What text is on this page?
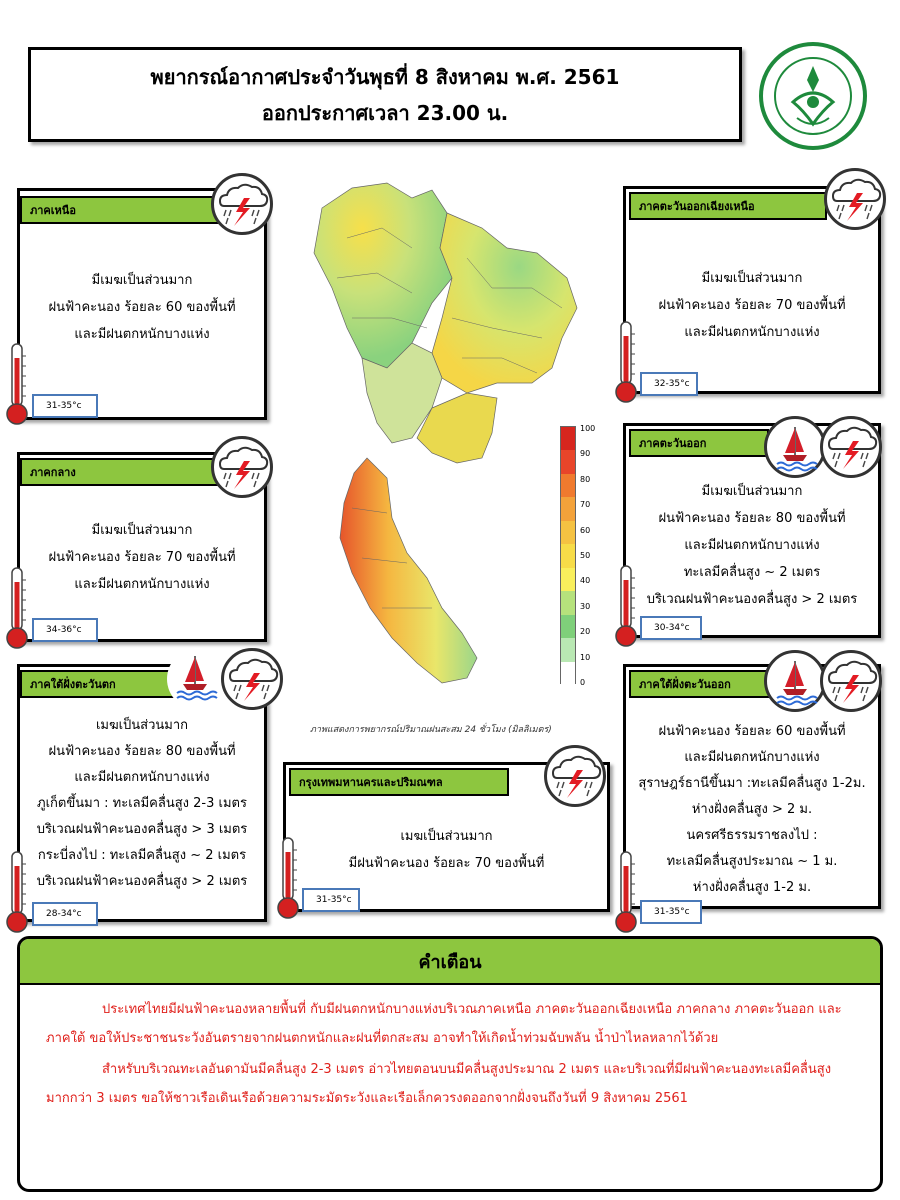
พยากรณ์อากาศประจำวันพุธที่ 8 สิงหาคม พ.ศ. 2561
ออกประกาศเวลา 23.00 น.
ภาพแสดงการพยากรณ์ปริมาณฝนสะสม 24 ชั่วโมง (มิลลิเมตร)
100
90
80
70
60
50
40
30
20
10
0
ภาคเหนือ
มีเมฆเป็นส่วนมาก
ฝนฟ้าคะนอง ร้อยละ 60 ของพื้นที่
และมีฝนตกหนักบางแห่ง
31-35°c
ภาคกลาง
มีเมฆเป็นส่วนมาก
ฝนฟ้าคะนอง ร้อยละ 70 ของพื้นที่
และมีฝนตกหนักบางแห่ง
34-36°c
ภาคใต้ฝั่งตะวันตก
เมฆเป็นส่วนมาก
ฝนฟ้าคะนอง ร้อยละ 80 ของพื้นที่
และมีฝนตกหนักบางแห่ง
ภูเก็ตขึ้นมา : ทะเลมีคลื่นสูง 2-3 เมตร
บริเวณฝนฟ้าคะนองคลื่นสูง > 3 เมตร
กระบี่ลงไป : ทะเลมีคลื่นสูง ~ 2 เมตร
บริเวณฝนฟ้าคะนองคลื่นสูง > 2 เมตร
28-34°c
ภาคตะวันออกเฉียงเหนือ
มีเมฆเป็นส่วนมาก
ฝนฟ้าคะนอง ร้อยละ 70 ของพื้นที่
และมีฝนตกหนักบางแห่ง
32-35°c
ภาคตะวันออก
มีเมฆเป็นส่วนมาก
ฝนฟ้าคะนอง ร้อยละ 80 ของพื้นที่
และมีฝนตกหนักบางแห่ง
ทะเลมีคลื่นสูง ~ 2 เมตร
บริเวณฝนฟ้าคะนองคลื่นสูง > 2 เมตร
30-34°c
ภาคใต้ฝั่งตะวันออก
ฝนฟ้าคะนอง ร้อยละ 60 ของพื้นที่
และมีฝนตกหนักบางแห่ง
สุราษฎร์ธานีขึ้นมา :ทะเลมีคลื่นสูง 1-2ม.
ห่างฝั่งคลื่นสูง > 2 ม.
นครศรีธรรมราชลงไป :
ทะเลมีคลื่นสูงประมาณ ~ 1 ม.
ห่างฝั่งคลื่นสูง 1-2 ม.
31-35°c
กรุงเทพมหานครและปริมณฑล
เมฆเป็นส่วนมาก
มีฝนฟ้าคะนอง ร้อยละ 70 ของพื้นที่
31-35°c
คำเตือน
ประเทศไทยมีฝนฟ้าคะนองหลายพื้นที่ กับมีฝนตกหนักบางแห่งบริเวณภาคเหนือ ภาคตะวันออกเฉียงเหนือ ภาคกลาง ภาคตะวันออก และภาคใต้ ขอให้ประชาชนระวังอันตรายจากฝนตกหนักและฝนที่ตกสะสม อาจทำให้เกิดน้ำท่วมฉับพลัน น้ำป่าไหลหลากไว้ด้วย
สำหรับบริเวณทะเลอันดามันมีคลื่นสูง 2-3 เมตร อ่าวไทยตอนบนมีคลื่นสูงประมาณ 2 เมตร และบริเวณที่มีฝนฟ้าคะนองทะเลมีคลื่นสูงมากกว่า 3 เมตร ขอให้ชาวเรือเดินเรือด้วยความระมัดระวังและเรือเล็กควรงดออกจากฝั่งจนถึงวันที่ 9 สิงหาคม 2561
